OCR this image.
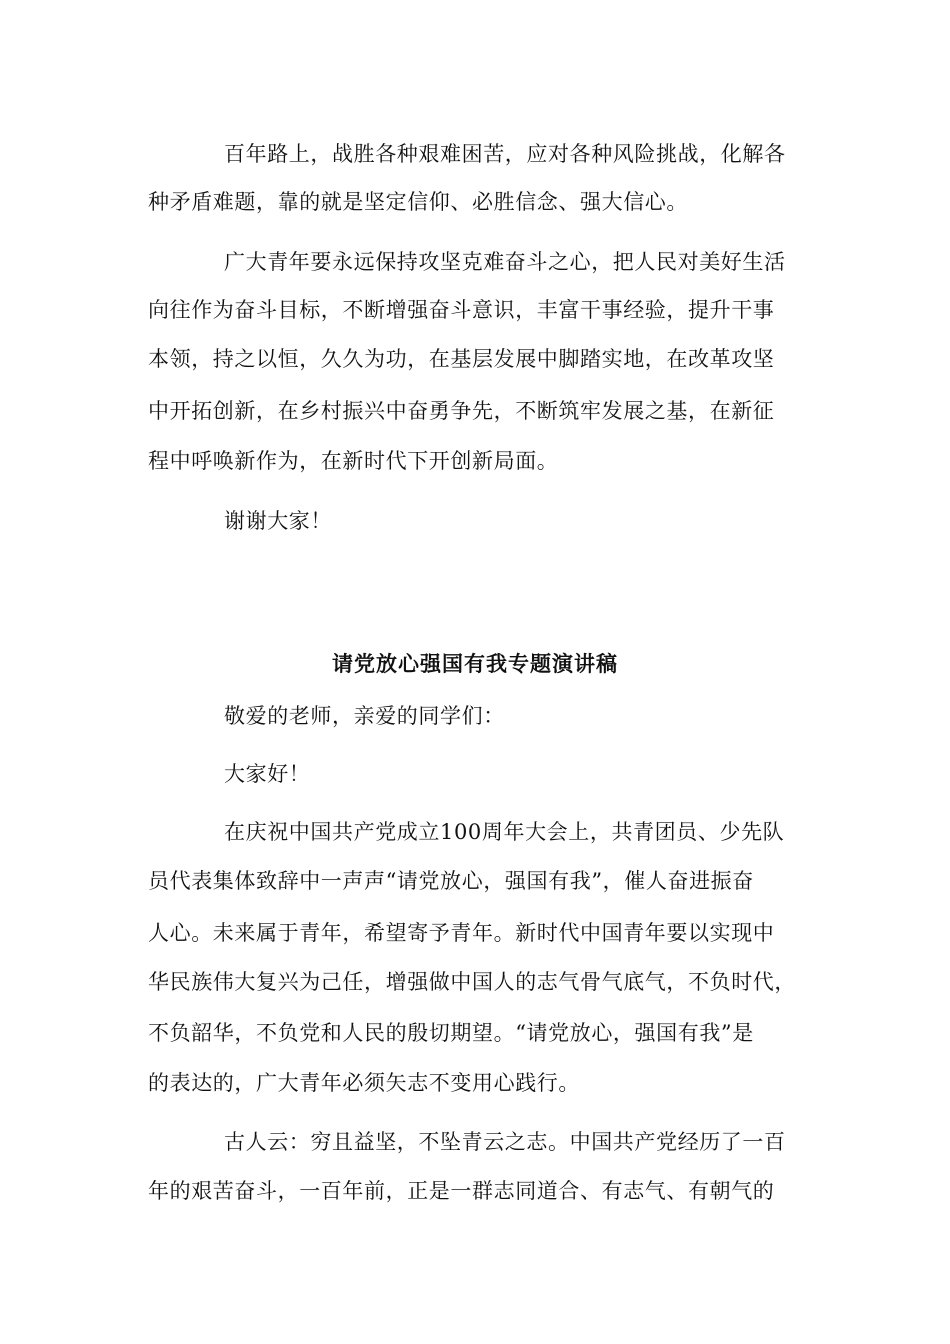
百年路上，战胜各种艰难困苦，应对各种风险挑战，化解各
种矛盾难题，靠的就是坚定信仰、必胜信念、强大信心。
广大青年要永远保持攻坚克难奋斗之心，把人民对美好生活
向往作为奋斗目标，不断增强奋斗意识，丰富干事经验，提升干事
本领，持之以恒，久久为功，在基层发展中脚踏实地，在改革攻坚
中开拓创新，在乡村振兴中奋勇争先，不断筑牢发展之基，在新征
程中呼唤新作为，在新时代下开创新局面。
谢谢大家！
请党放心强国有我专题演讲稿
敬爱的老师，亲爱的同学们：
大家好！
在庆祝中国共产党成立100周年大会上，共青团员、少先队
员代表集体致辞中一声声“请党放心，强国有我”，催人奋进振奋
人心。未来属于青年，希望寄予青年。新时代中国青年要以实现中
华民族伟大复兴为己任，增强做中国人的志气骨气底气，不负时代，
不负韶华，不负党和人民的殷切期望。“请党放心，强国有我”是
的表达的，广大青年必须矢志不变用心践行。
古人云：穷且益坚，不坠青云之志。中国共产党经历了一百
年的艰苦奋斗，一百年前，正是一群志同道合、有志气、有朝气的
